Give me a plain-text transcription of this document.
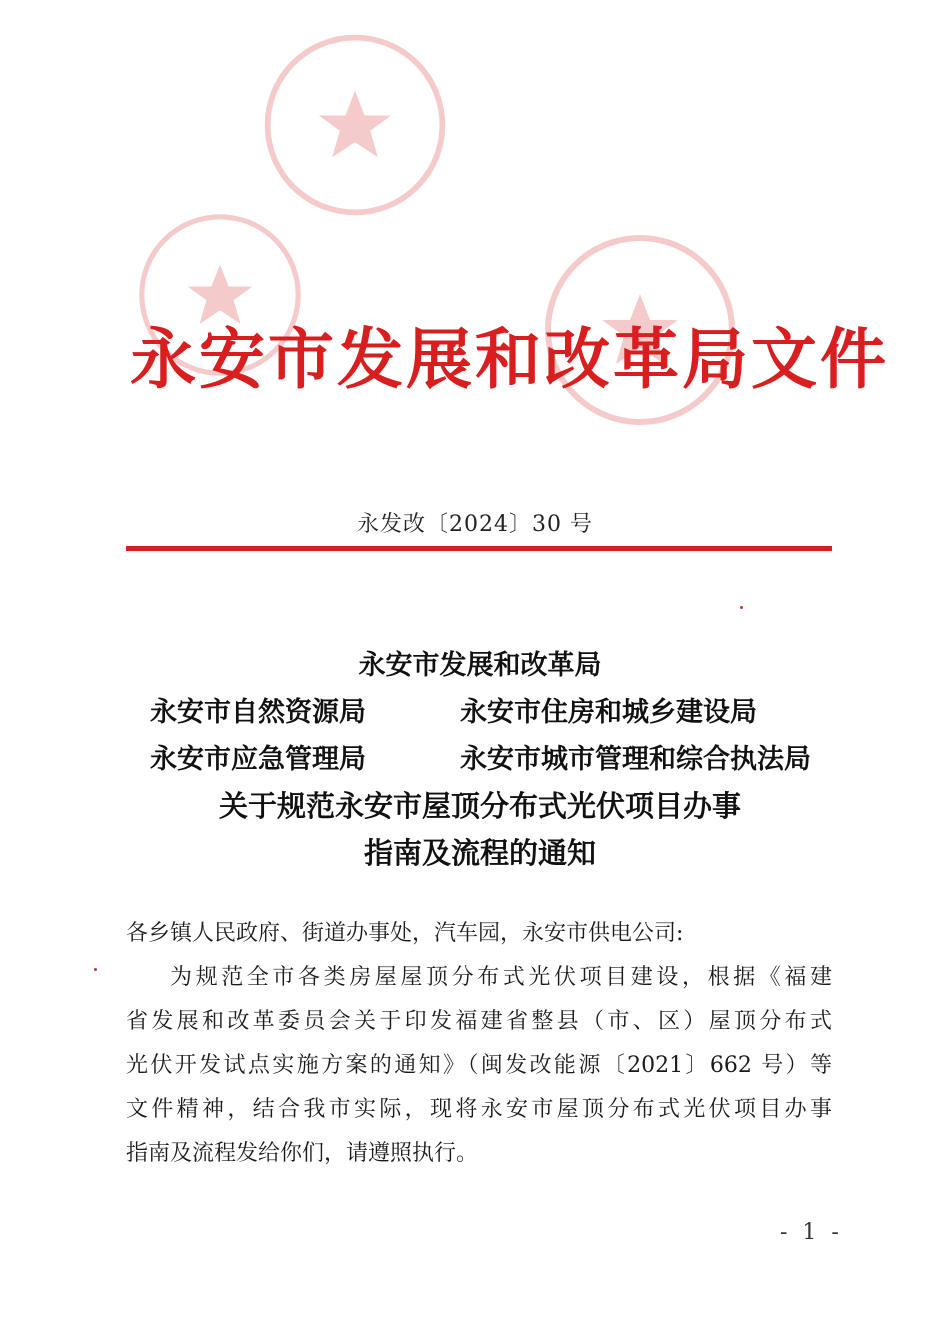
永安市发展和改革局文件
永发改〔2024〕30 号
永安市发展和改革局
永安市自然资源局	永安市住房和城乡建设局
永安市应急管理局	永安市城市管理和综合执法局
关于规范永安市屋顶分布式光伏项目办事
指南及流程的通知
各乡镇人民政府、街道办事处，汽车园，永安市供电公司:
为规范全市各类房屋屋顶分布式光伏项目建设，根据《福建
省发展和改革委员会关于印发福建省整县（市、区）屋顶分布式
光伏开发试点实施方案的通知》（闽发改能源〔2021〕662 号）等
文件精神，结合我市实际，现将永安市屋顶分布式光伏项目办事
指南及流程发给你们，请遵照执行。
- 1 -
